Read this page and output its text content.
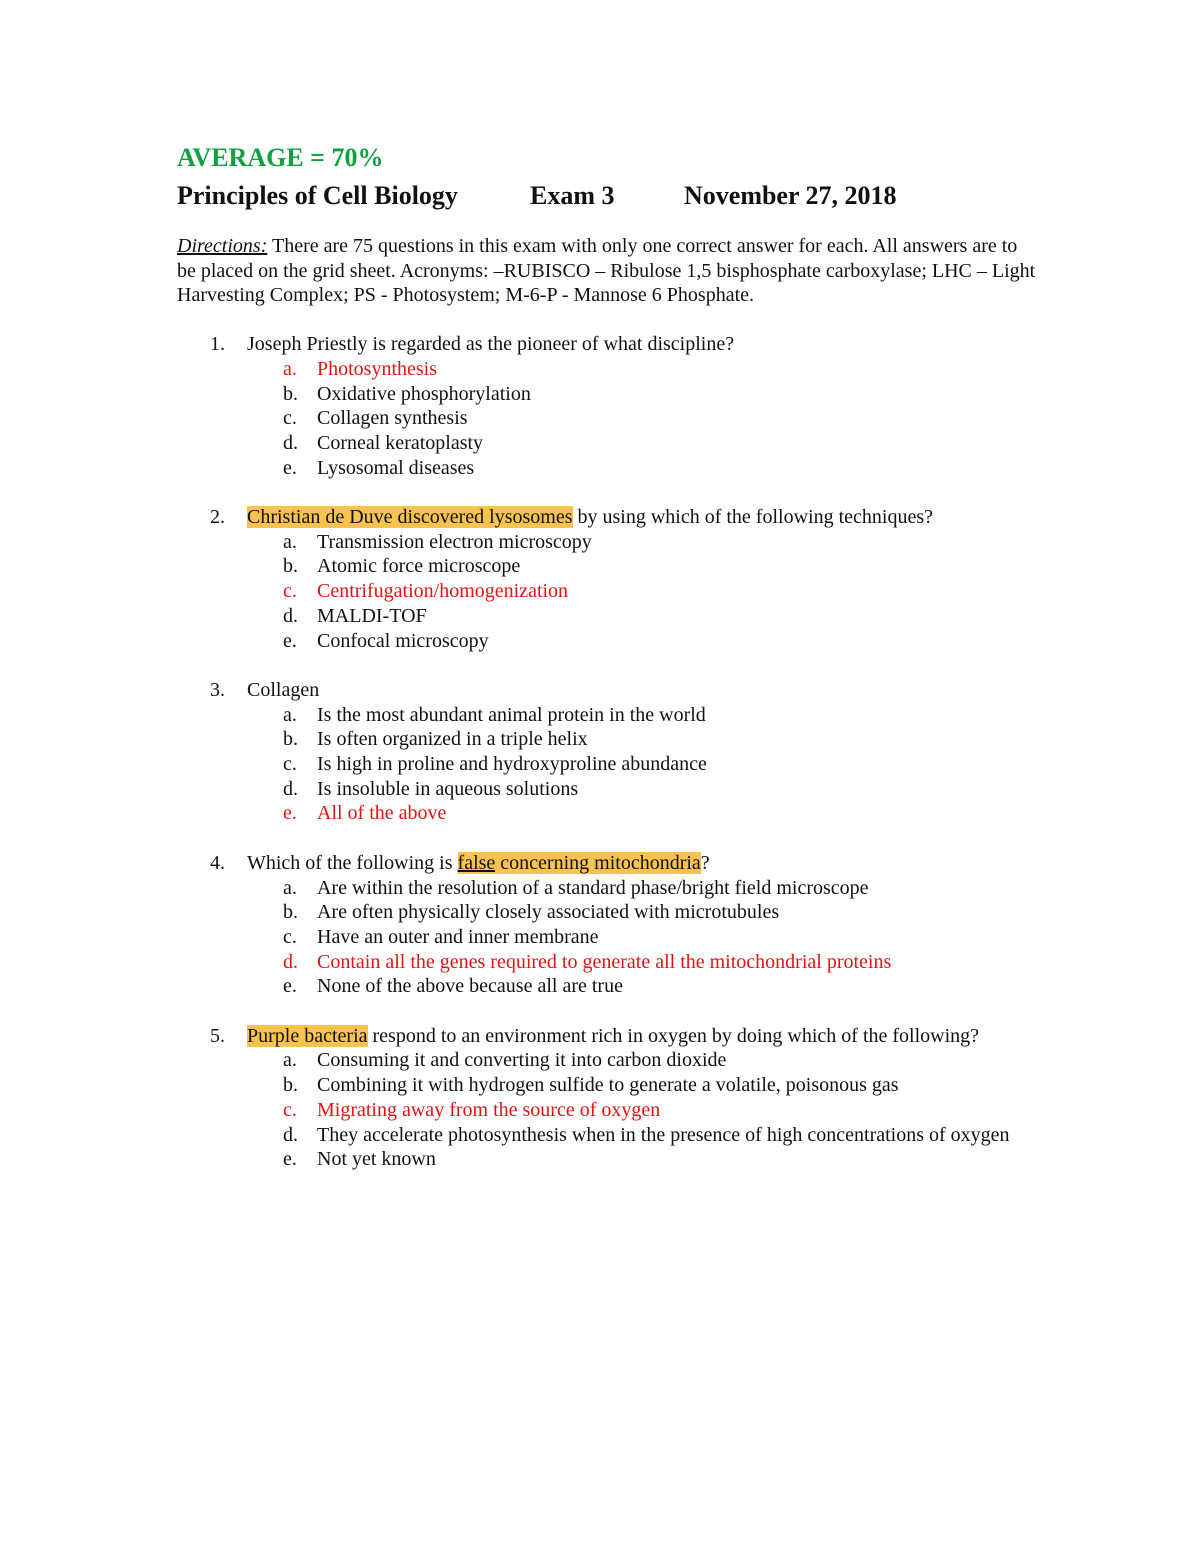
AVERAGE = 70%
Principles of Cell Biology	Exam 3	November 27, 2018
Directions: There are 75 questions in this exam with only one correct answer for each. All answers are to be placed on the grid sheet. Acronyms: –RUBISCO – Ribulose 1,5 bisphosphate carboxylase; LHC – Light Harvesting Complex; PS - Photosystem; M-6-P - Mannose 6 Phosphate.
1. Joseph Priestly is regarded as the pioneer of what discipline?
a. Photosynthesis
b. Oxidative phosphorylation
c. Collagen synthesis
d. Corneal keratoplasty
e. Lysosomal diseases
2. Christian de Duve discovered lysosomes by using which of the following techniques?
a. Transmission electron microscopy
b. Atomic force microscope
c. Centrifugation/homogenization
d. MALDI-TOF
e. Confocal microscopy
3. Collagen
a. Is the most abundant animal protein in the world
b. Is often organized in a triple helix
c. Is high in proline and hydroxyproline abundance
d. Is insoluble in aqueous solutions
e. All of the above
4. Which of the following is false concerning mitochondria?
a. Are within the resolution of a standard phase/bright field microscope
b. Are often physically closely associated with microtubules
c. Have an outer and inner membrane
d. Contain all the genes required to generate all the mitochondrial proteins
e. None of the above because all are true
5. Purple bacteria respond to an environment rich in oxygen by doing which of the following?
a. Consuming it and converting it into carbon dioxide
b. Combining it with hydrogen sulfide to generate a volatile, poisonous gas
c. Migrating away from the source of oxygen
d. They accelerate photosynthesis when in the presence of high concentrations of oxygen
e. Not yet known
